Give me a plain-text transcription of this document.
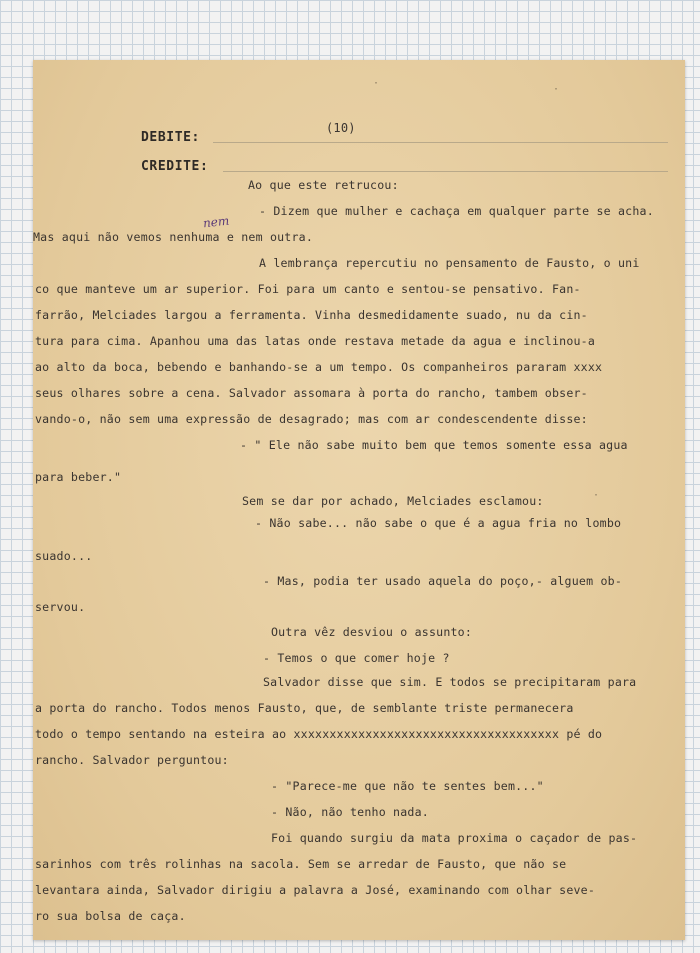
DEBITE:
(10)
CREDITE:
nem
Ao que este retrucou:
- Dizem que mulher e cachaça em qualquer parte se acha.
Mas aqui não vemos nenhuma e nem outra.
A lembrança repercutiu no pensamento de Fausto, o uni
co que manteve um ar superior. Foi para um canto e sentou-se pensativo. Fan-
farrão, Melciades largou a ferramenta. Vinha desmedidamente suado, nu da cin-
tura para cima. Apanhou uma das latas onde restava metade da agua e inclinou-a
ao alto da boca, bebendo e banhando-se a um tempo. Os companheiros pararam xxxx
seus olhares sobre a cena. Salvador assomara à porta do rancho, tambem obser-
vando-o, não sem uma expressão de desagrado; mas com ar condescendente disse:
- " Ele não sabe muito bem que temos somente essa agua
para beber."
Sem se dar por achado, Melciades esclamou:
- Não sabe... não sabe o que é a agua fria no lombo
suado...
- Mas, podia ter usado aquela do poço,- alguem ob-
servou.
Outra vêz desviou o assunto:
- Temos o que comer hoje ?
Salvador disse que sim. E todos se precipitaram para
a porta do rancho. Todos menos Fausto, que, de semblante triste permanecera
todo o tempo sentando na esteira ao xxxxxxxxxxxxxxxxxxxxxxxxxxxxxxxxxxxxx pé do
rancho. Salvador perguntou:
- "Parece-me que não te sentes bem..."
- Não, não tenho nada.
Foi quando surgiu da mata proxima o caçador de pas-
sarinhos com três rolinhas na sacola. Sem se arredar de Fausto, que não se
levantara ainda, Salvador dirigiu a palavra a José, examinando com olhar seve-
ro sua bolsa de caça.
·
·
·
